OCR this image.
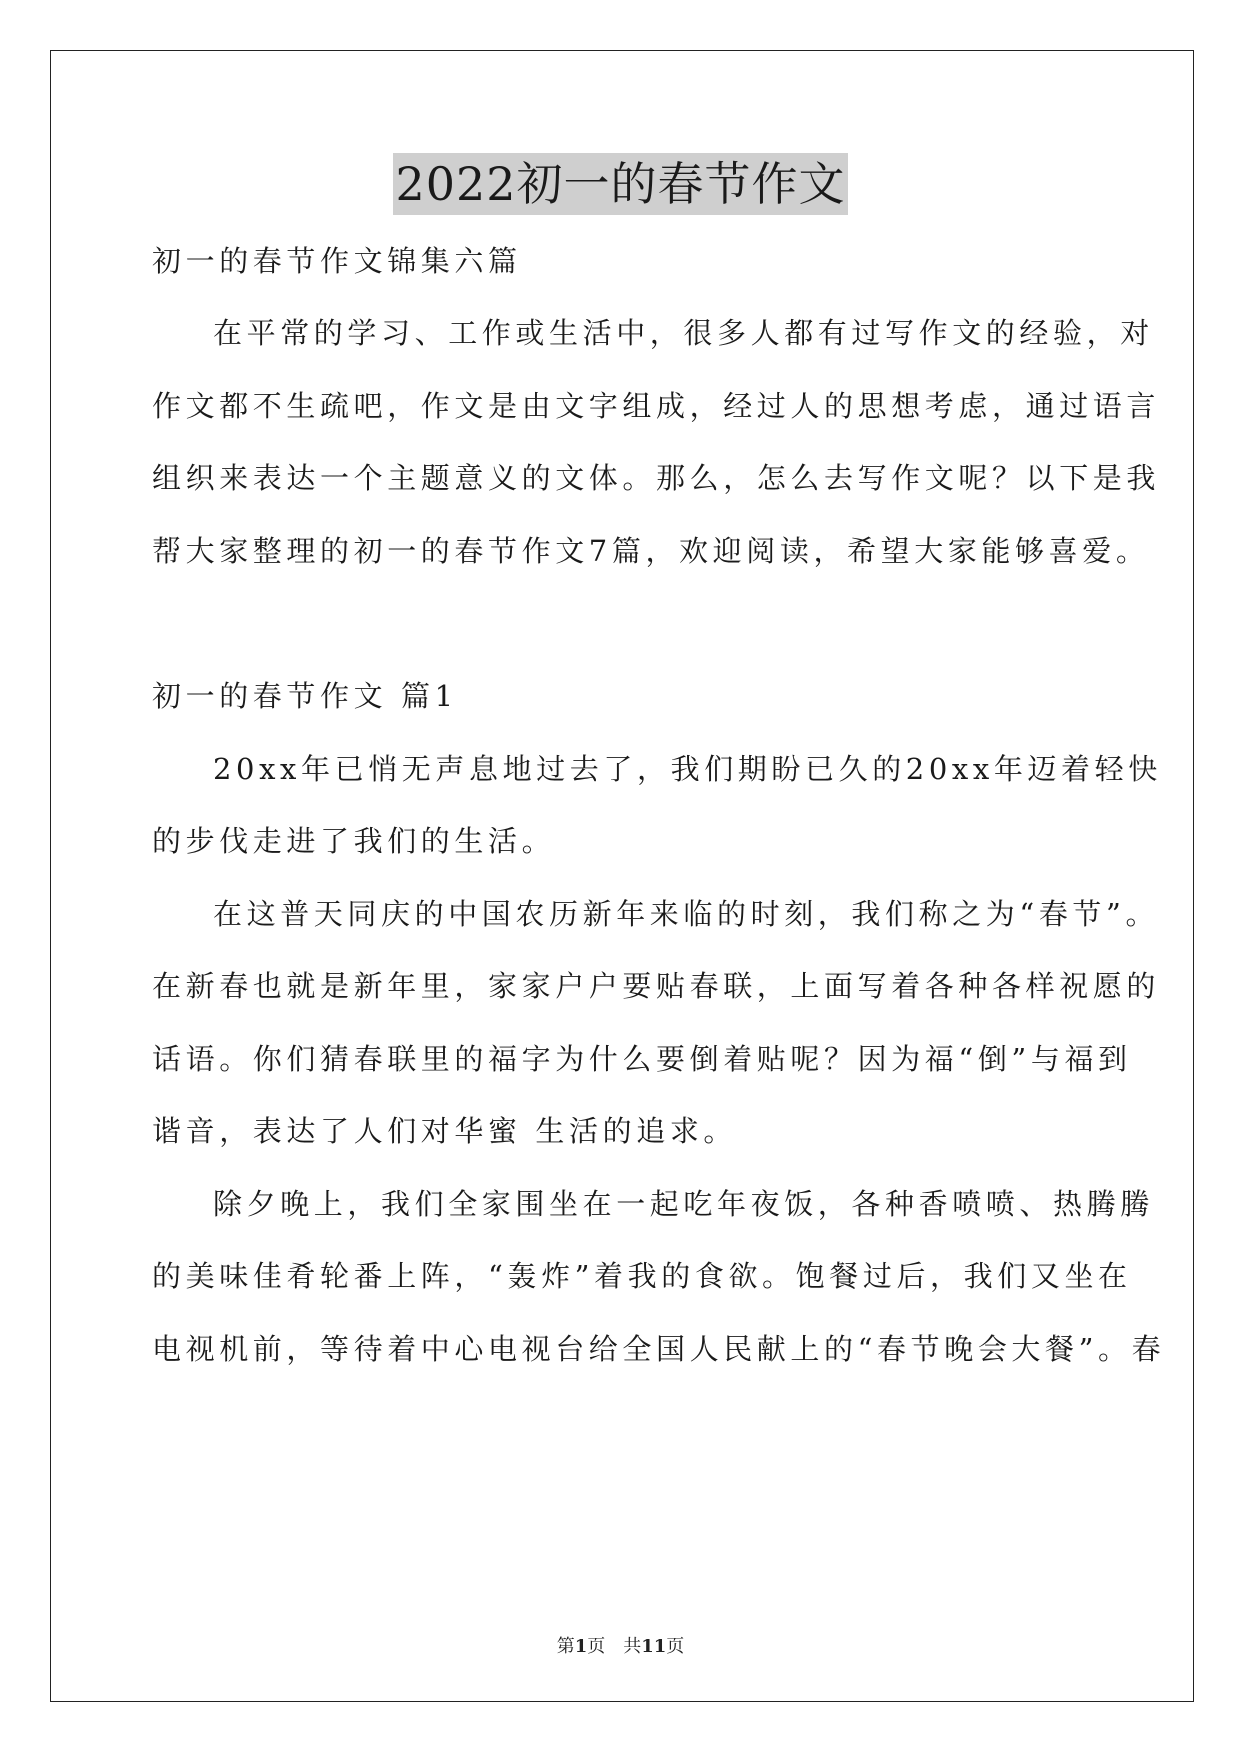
2022初一的春节作文
初一的春节作文锦集六篇
在平常的学习、工作或生活中，很多人都有过写作文的经验，对
作文都不生疏吧，作文是由文字组成，经过人的思想考虑，通过语言
组织来表达一个主题意义的文体。那么，怎么去写作文呢？以下是我
帮大家整理的初一的春节作文7篇，欢迎阅读，希望大家能够喜爱。
初一的春节作文 篇1
20xx年已悄无声息地过去了，我们期盼已久的20xx年迈着轻快
的步伐走进了我们的生活。
在这普天同庆的中国农历新年来临的时刻，我们称之为“春节”。
在新春也就是新年里，家家户户要贴春联，上面写着各种各样祝愿的
话语。你们猜春联里的福字为什么要倒着贴呢？因为福“倒”与福到
谐音，表达了人们对华蜜 生活的追求。
除夕晚上，我们全家围坐在一起吃年夜饭，各种香喷喷、热腾腾
的美味佳肴轮番上阵，“轰炸”着我的食欲。饱餐过后，我们又坐在
电视机前，等待着中心电视台给全国人民献上的“春节晚会大餐”。春
第1页　共11页
